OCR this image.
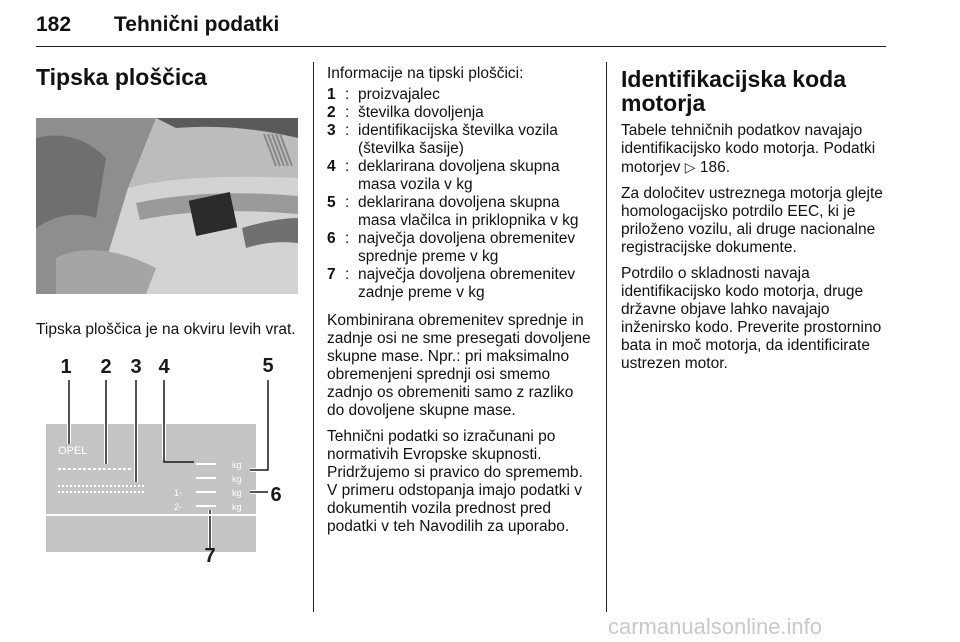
182 Tehnični podatki
Tipska ploščica
Tipska ploščica je na okviru levih vrat.
1 2 3 4	5
6
7
OPEL
kg
kg
kg
kg
1-
2-

Informacije na tipski ploščici:

1 : proizvajalec
2 : številka dovoljenja
3 : identifikacijska številka vozila (številka šasije)
4 : deklarirana dovoljena skupna masa vozila v kg
5 : deklarirana dovoljena skupna masa vlačilca in priklopnika v kg
6 : največja dovoljena obremenitev sprednje preme v kg
7 : največja dovoljena obremenitev zadnje preme v kg

Kombinirana obremenitev sprednje in zadnje osi ne sme presegati dovoljene skupne mase. Npr.: pri maksimalno obremenjeni sprednji osi smemo zadnjo os obremeniti samo z razliko do dovoljene skupne mase.

Tehnični podatki so izračunani po normativih Evropske skupnosti. Pridržujemo si pravico do sprememb. V primeru odstopanja imajo podatki v dokumentih vozila prednost pred podatki v teh Navodilih za uporabo.

Identifikacijska koda motorja

Tabele tehničnih podatkov navajajo identifikacijsko kodo motorja. Podatki motorjev ▷ 186.

Za določitev ustreznega motorja glejte homologacijsko potrdilo EEC, ki je priloženo vozilu, ali druge nacionalne registracijske dokumente.

Potrdilo o skladnosti navaja identifikacijsko kodo motorja, druge državne objave lahko navajajo inženirsko kodo. Preverite prostornino bata in moč motorja, da identificirate ustrezen motor.

carmanualsonline.info
